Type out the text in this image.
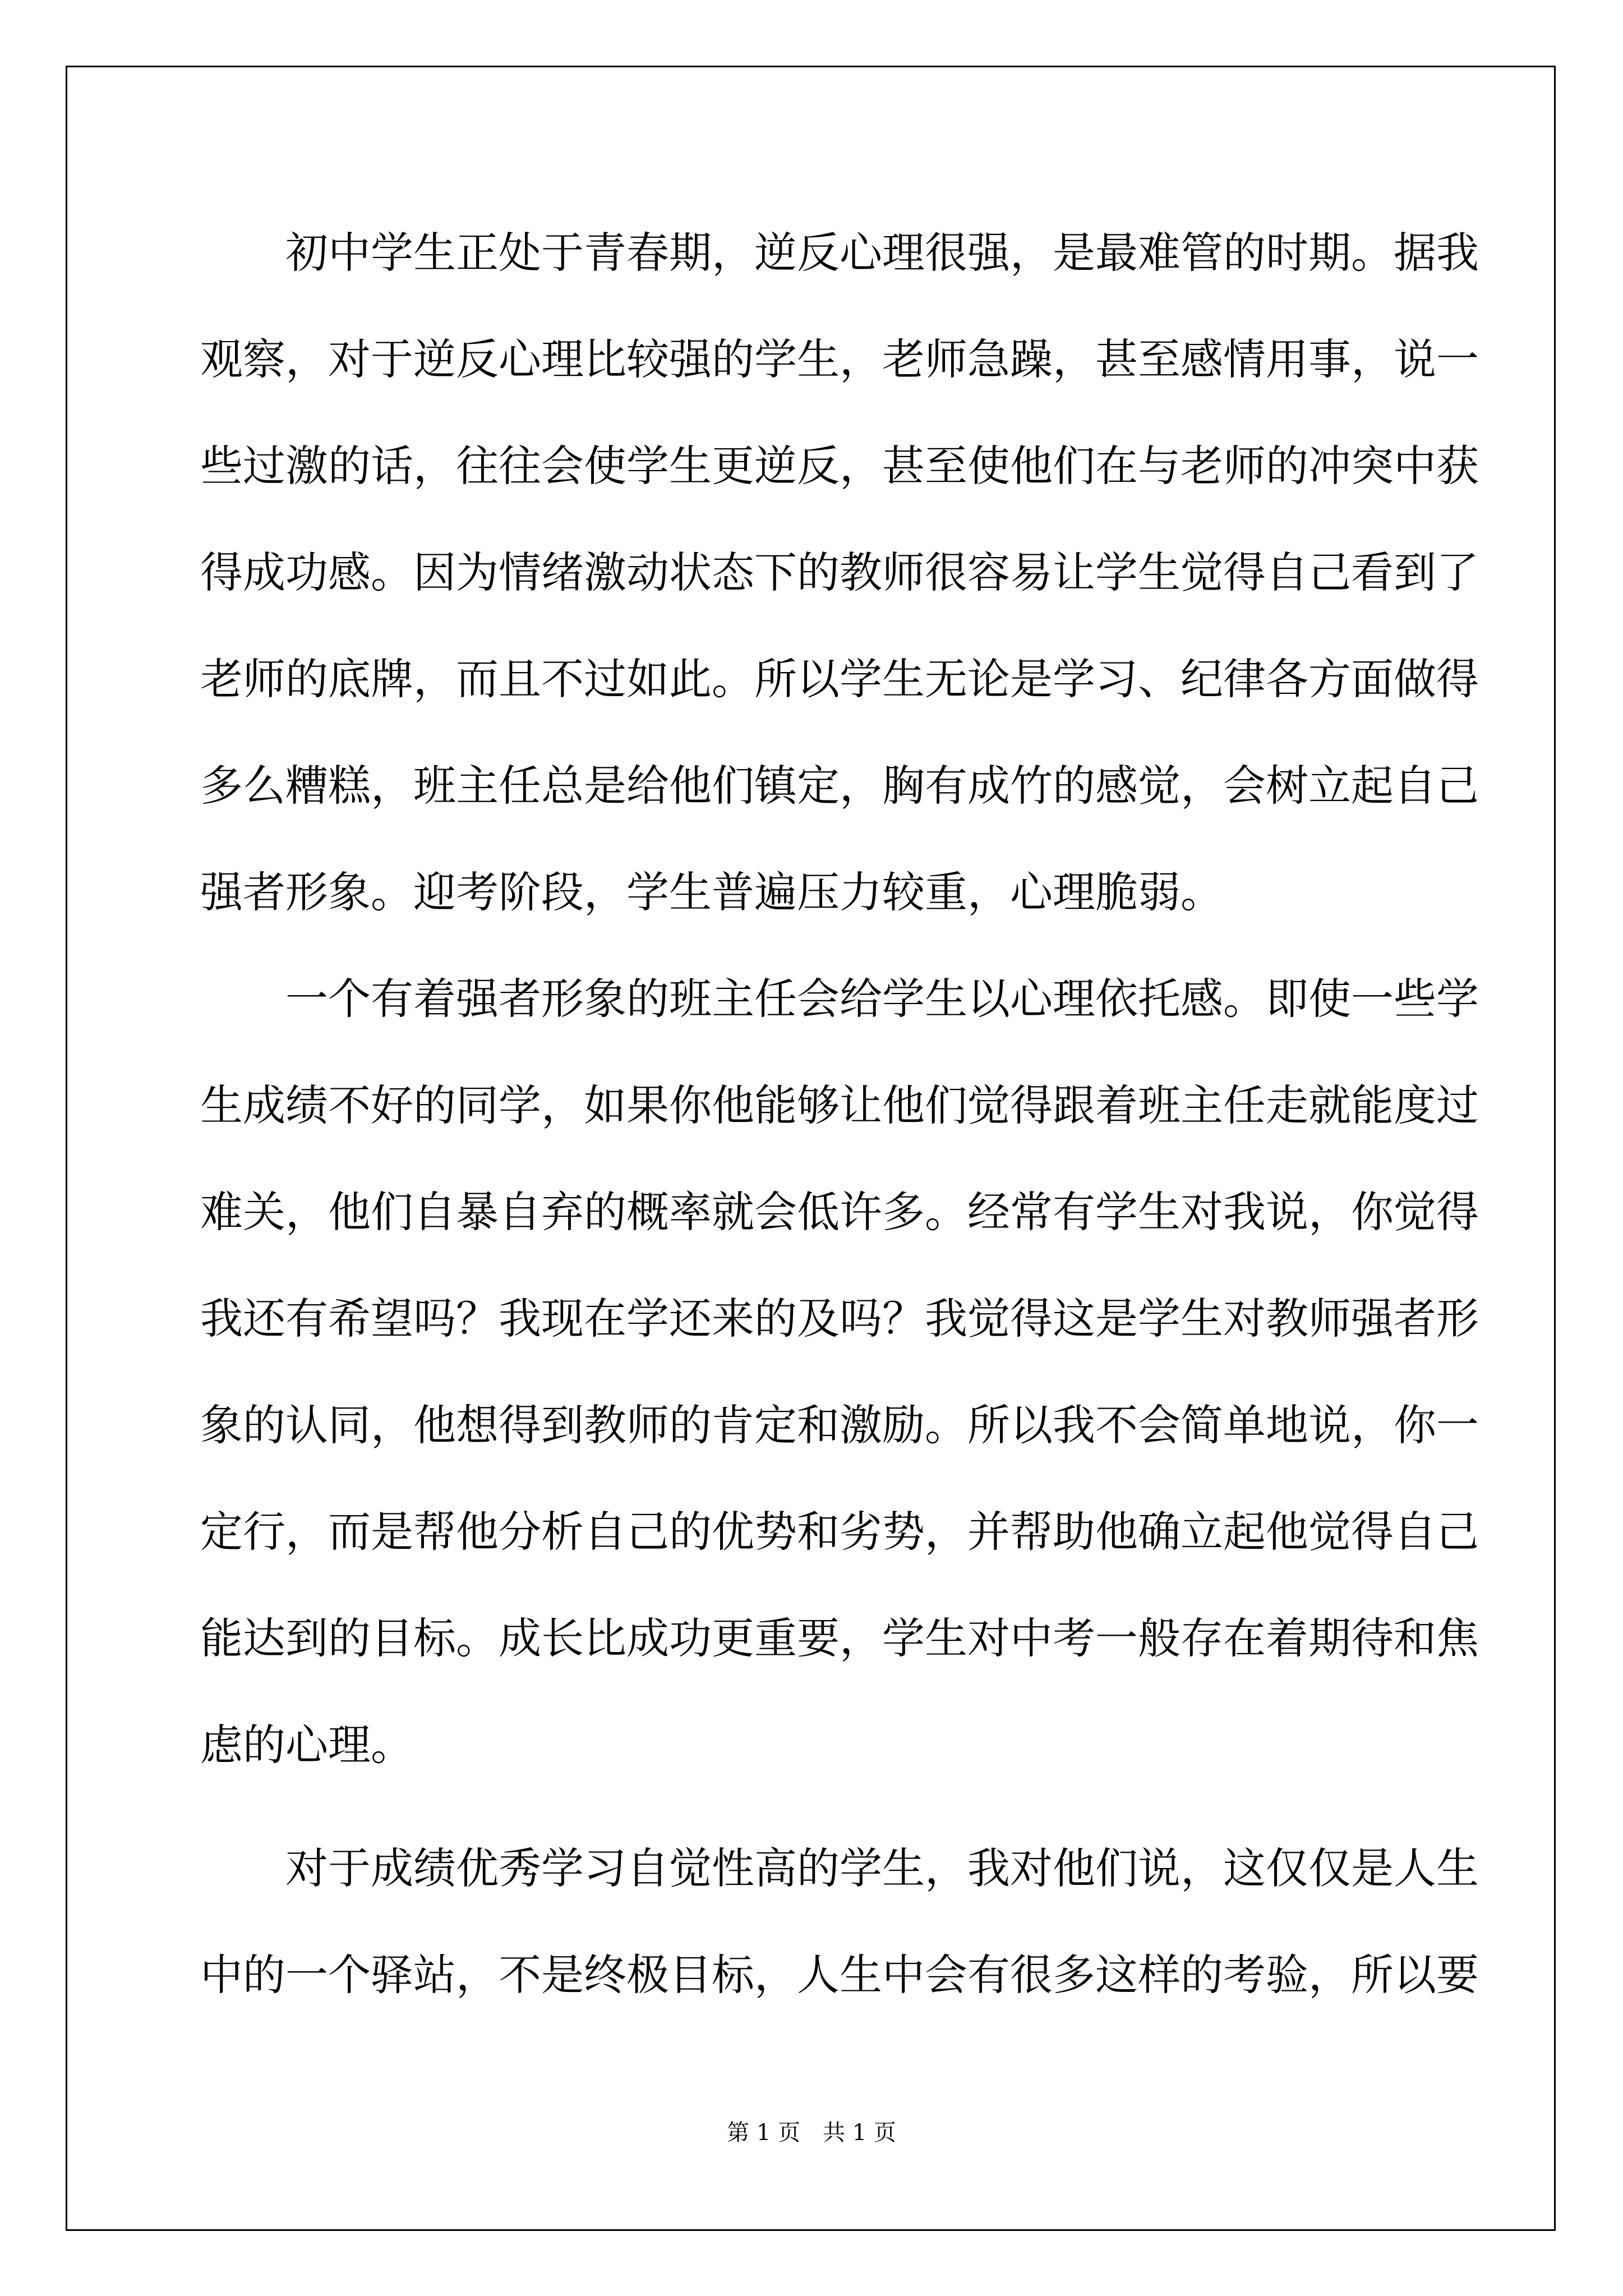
初中学生正处于青春期，逆反心理很强，是最难管的时期。据我
观察，对于逆反心理比较强的学生，老师急躁，甚至感情用事，说一
些过激的话，往往会使学生更逆反，甚至使他们在与老师的冲突中获
得成功感。因为情绪激动状态下的教师很容易让学生觉得自己看到了
老师的底牌，而且不过如此。所以学生无论是学习、纪律各方面做得
多么糟糕，班主任总是给他们镇定，胸有成竹的感觉，会树立起自己
强者形象。迎考阶段，学生普遍压力较重，心理脆弱。
一个有着强者形象的班主任会给学生以心理依托感。即使一些学
生成绩不好的同学，如果你他能够让他们觉得跟着班主任走就能度过
难关，他们自暴自弃的概率就会低许多。经常有学生对我说，你觉得
我还有希望吗？我现在学还来的及吗？我觉得这是学生对教师强者形
象的认同，他想得到教师的肯定和激励。所以我不会简单地说，你一
定行，而是帮他分析自己的优势和劣势，并帮助他确立起他觉得自己
能达到的目标。成长比成功更重要，学生对中考一般存在着期待和焦
虑的心理。
对于成绩优秀学习自觉性高的学生，我对他们说，这仅仅是人生
中的一个驿站，不是终极目标，人生中会有很多这样的考验，所以要
第 1 页　共 1 页
